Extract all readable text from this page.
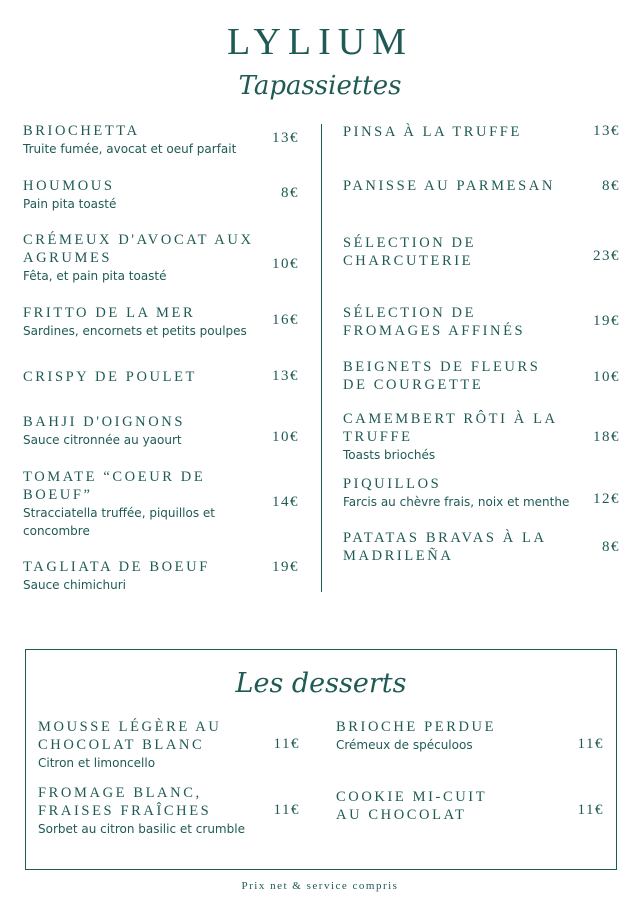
LYLIUM
Tapassiettes
BRIOCHETTA
Truite fumée, avocat et oeuf parfait
13€
HOUMOUS
Pain pita toasté
8€
CRÉMEUX D'AVOCAT AUX AGRUMES
Fêta, et pain pita toasté
10€
FRITTO DE LA MER
Sardines, encornets et petits poulpes
16€
CRISPY DE POULET	13€
BAHJI D'OIGNONS
Sauce citronnée au yaourt	10€
TOMATE “COEUR DE BOEUF”
Stracciatella truffée, piquillos et concombre
14€
TAGLIATA DE BOEUF
Sauce chimichuri
19€
PINSA À LA TRUFFE	13€
PANISSE AU PARMESAN	8€
SÉLECTION DE CHARCUTERIE	23€
SÉLECTION DE FROMAGES AFFINÉS
19€
BEIGNETS DE FLEURS DE COURGETTE	10€
CAMEMBERT RÔTI À LA TRUFFE
Toasts briochés
18€
PIQUILLOS
Farcis au chèvre frais, noix et menthe	12€
PATATAS BRAVAS À LA MADRILEÑA
8€
Les desserts
MOUSSE LÉGÈRE AU CHOCOLAT BLANC
Citron et limoncello
11€
FROMAGE BLANC, FRAISES FRAÎCHES
Sorbet au citron basilic et crumble
11€
BRIOCHE PERDUE
Crémeux de spéculoos	11€
COOKIE MI-CUIT AU CHOCOLAT	11€
Prix net & service compris
